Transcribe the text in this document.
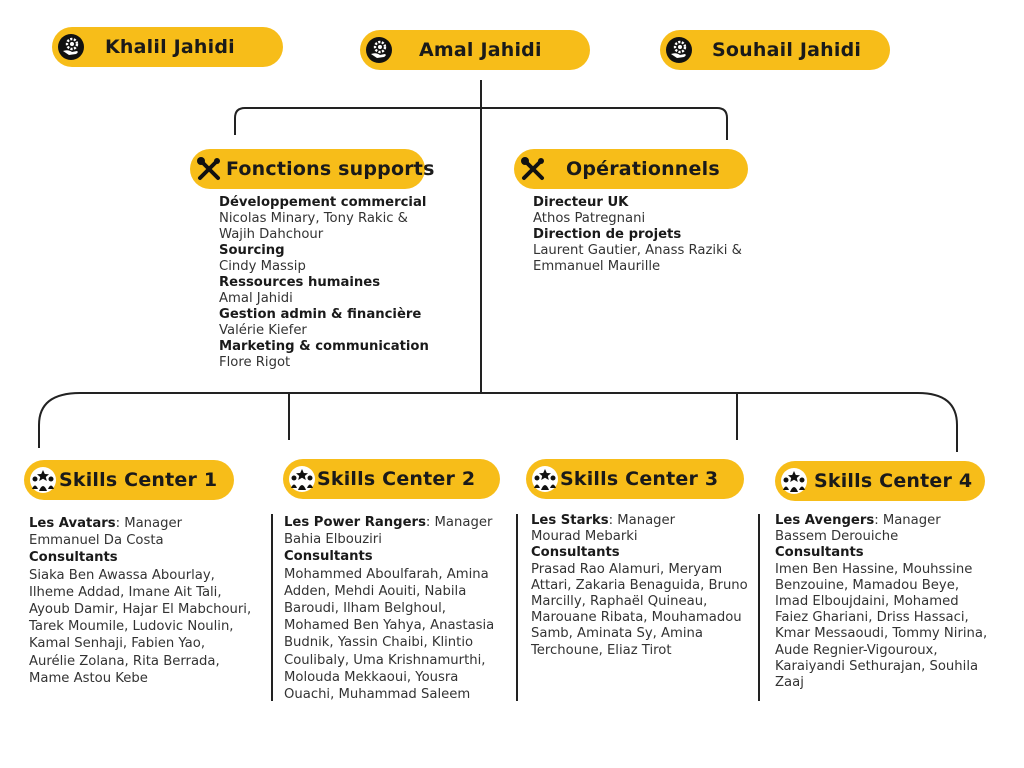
Khalil Jahidi	Amal Jahidi	Souhail Jahidi
Fonctions supports
Développement commercial
Nicolas Minary, Tony Rakic &
Wajih Dahchour
Sourcing
Cindy Massip
Ressources humaines
Amal Jahidi
Gestion admin & financière
Valérie Kiefer
Marketing & communication
Flore Rigot
Opérationnels
Directeur UK
Athos Patregnani
Direction de projets
Laurent Gautier, Anass Raziki &
Emmanuel Maurille
Skills Center 1	Skills Center 2	Skills Center 3	Skills Center 4
Les Avatars: Manager
Emmanuel Da Costa
Consultants
Siaka Ben Awassa Abourlay,
Ilheme Addad, Imane Ait Tali,
Ayoub Damir, Hajar El Mabchouri,
Tarek Moumile, Ludovic Noulin,
Kamal Senhaji, Fabien Yao,
Aurélie Zolana, Rita Berrada,
Mame Astou Kebe
Les Power Rangers: Manager
Bahia Elbouziri
Consultants
Mohammed Aboulfarah, Amina
Adden, Mehdi Aouiti, Nabila
Baroudi, Ilham Belghoul,
Mohamed Ben Yahya, Anastasia
Budnik, Yassin Chaibi, Klintio
Coulibaly, Uma Krishnamurthi,
Molouda Mekkaoui, Yousra
Ouachi, Muhammad Saleem
Les Starks: Manager
Mourad Mebarki
Consultants
Prasad Rao Alamuri, Meryam
Attari, Zakaria Benaguida, Bruno
Marcilly, Raphaël Quineau,
Marouane Ribata, Mouhamadou
Samb, Aminata Sy, Amina
Terchoune, Eliaz Tirot
Les Avengers: Manager
Bassem Derouiche
Consultants
Imen Ben Hassine, Mouhssine
Benzouine, Mamadou Beye,
Imad Elboujdaini, Mohamed
Faiez Ghariani, Driss Hassaci,
Kmar Messaoudi, Tommy Nirina,
Aude Regnier-Vigouroux,
Karaiyandi Sethurajan, Souhila
Zaaj
